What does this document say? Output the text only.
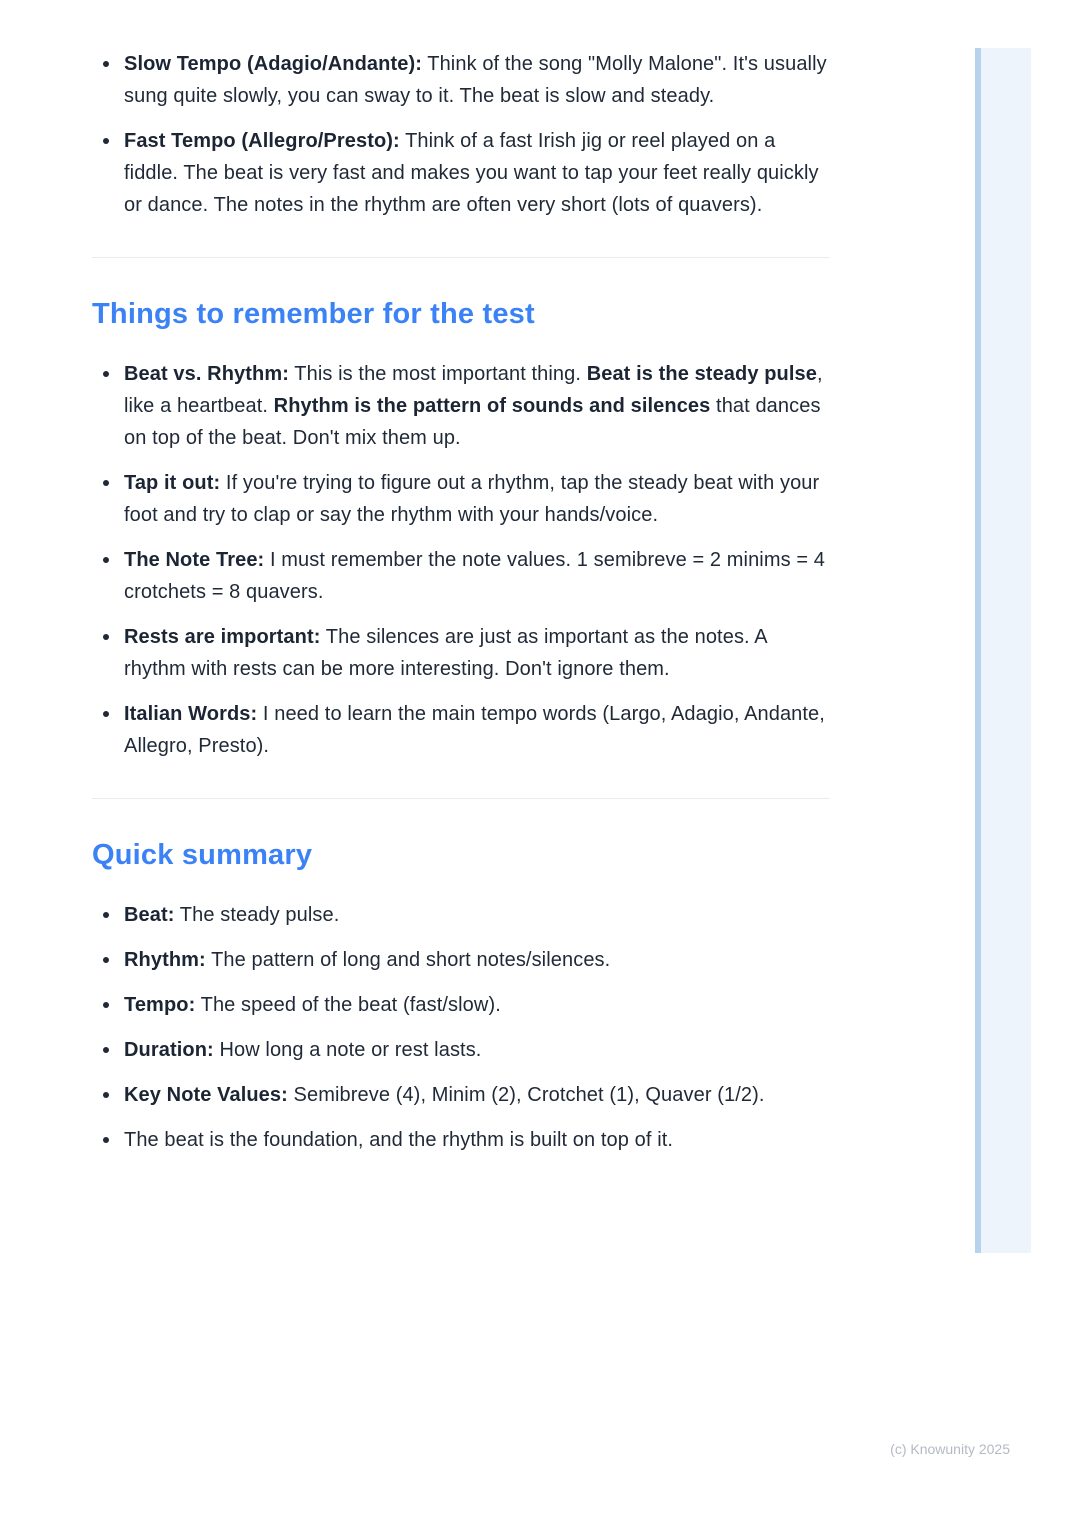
Slow Tempo (Adagio/Andante): Think of the song "Molly Malone". It's usually sung quite slowly, you can sway to it. The beat is slow and steady.
Fast Tempo (Allegro/Presto): Think of a fast Irish jig or reel played on a fiddle. The beat is very fast and makes you want to tap your feet really quickly or dance. The notes in the rhythm are often very short (lots of quavers).
Things to remember for the test
Beat vs. Rhythm: This is the most important thing. Beat is the steady pulse, like a heartbeat. Rhythm is the pattern of sounds and silences that dances on top of the beat. Don't mix them up.
Tap it out: If you're trying to figure out a rhythm, tap the steady beat with your foot and try to clap or say the rhythm with your hands/voice.
The Note Tree: I must remember the note values. 1 semibreve = 2 minims = 4 crotchets = 8 quavers.
Rests are important: The silences are just as important as the notes. A rhythm with rests can be more interesting. Don't ignore them.
Italian Words: I need to learn the main tempo words (Largo, Adagio, Andante, Allegro, Presto).
Quick summary
Beat: The steady pulse.
Rhythm: The pattern of long and short notes/silences.
Tempo: The speed of the beat (fast/slow).
Duration: How long a note or rest lasts.
Key Note Values: Semibreve (4), Minim (2), Crotchet (1), Quaver (1/2).
The beat is the foundation, and the rhythm is built on top of it.
(c) Knowunity 2025
